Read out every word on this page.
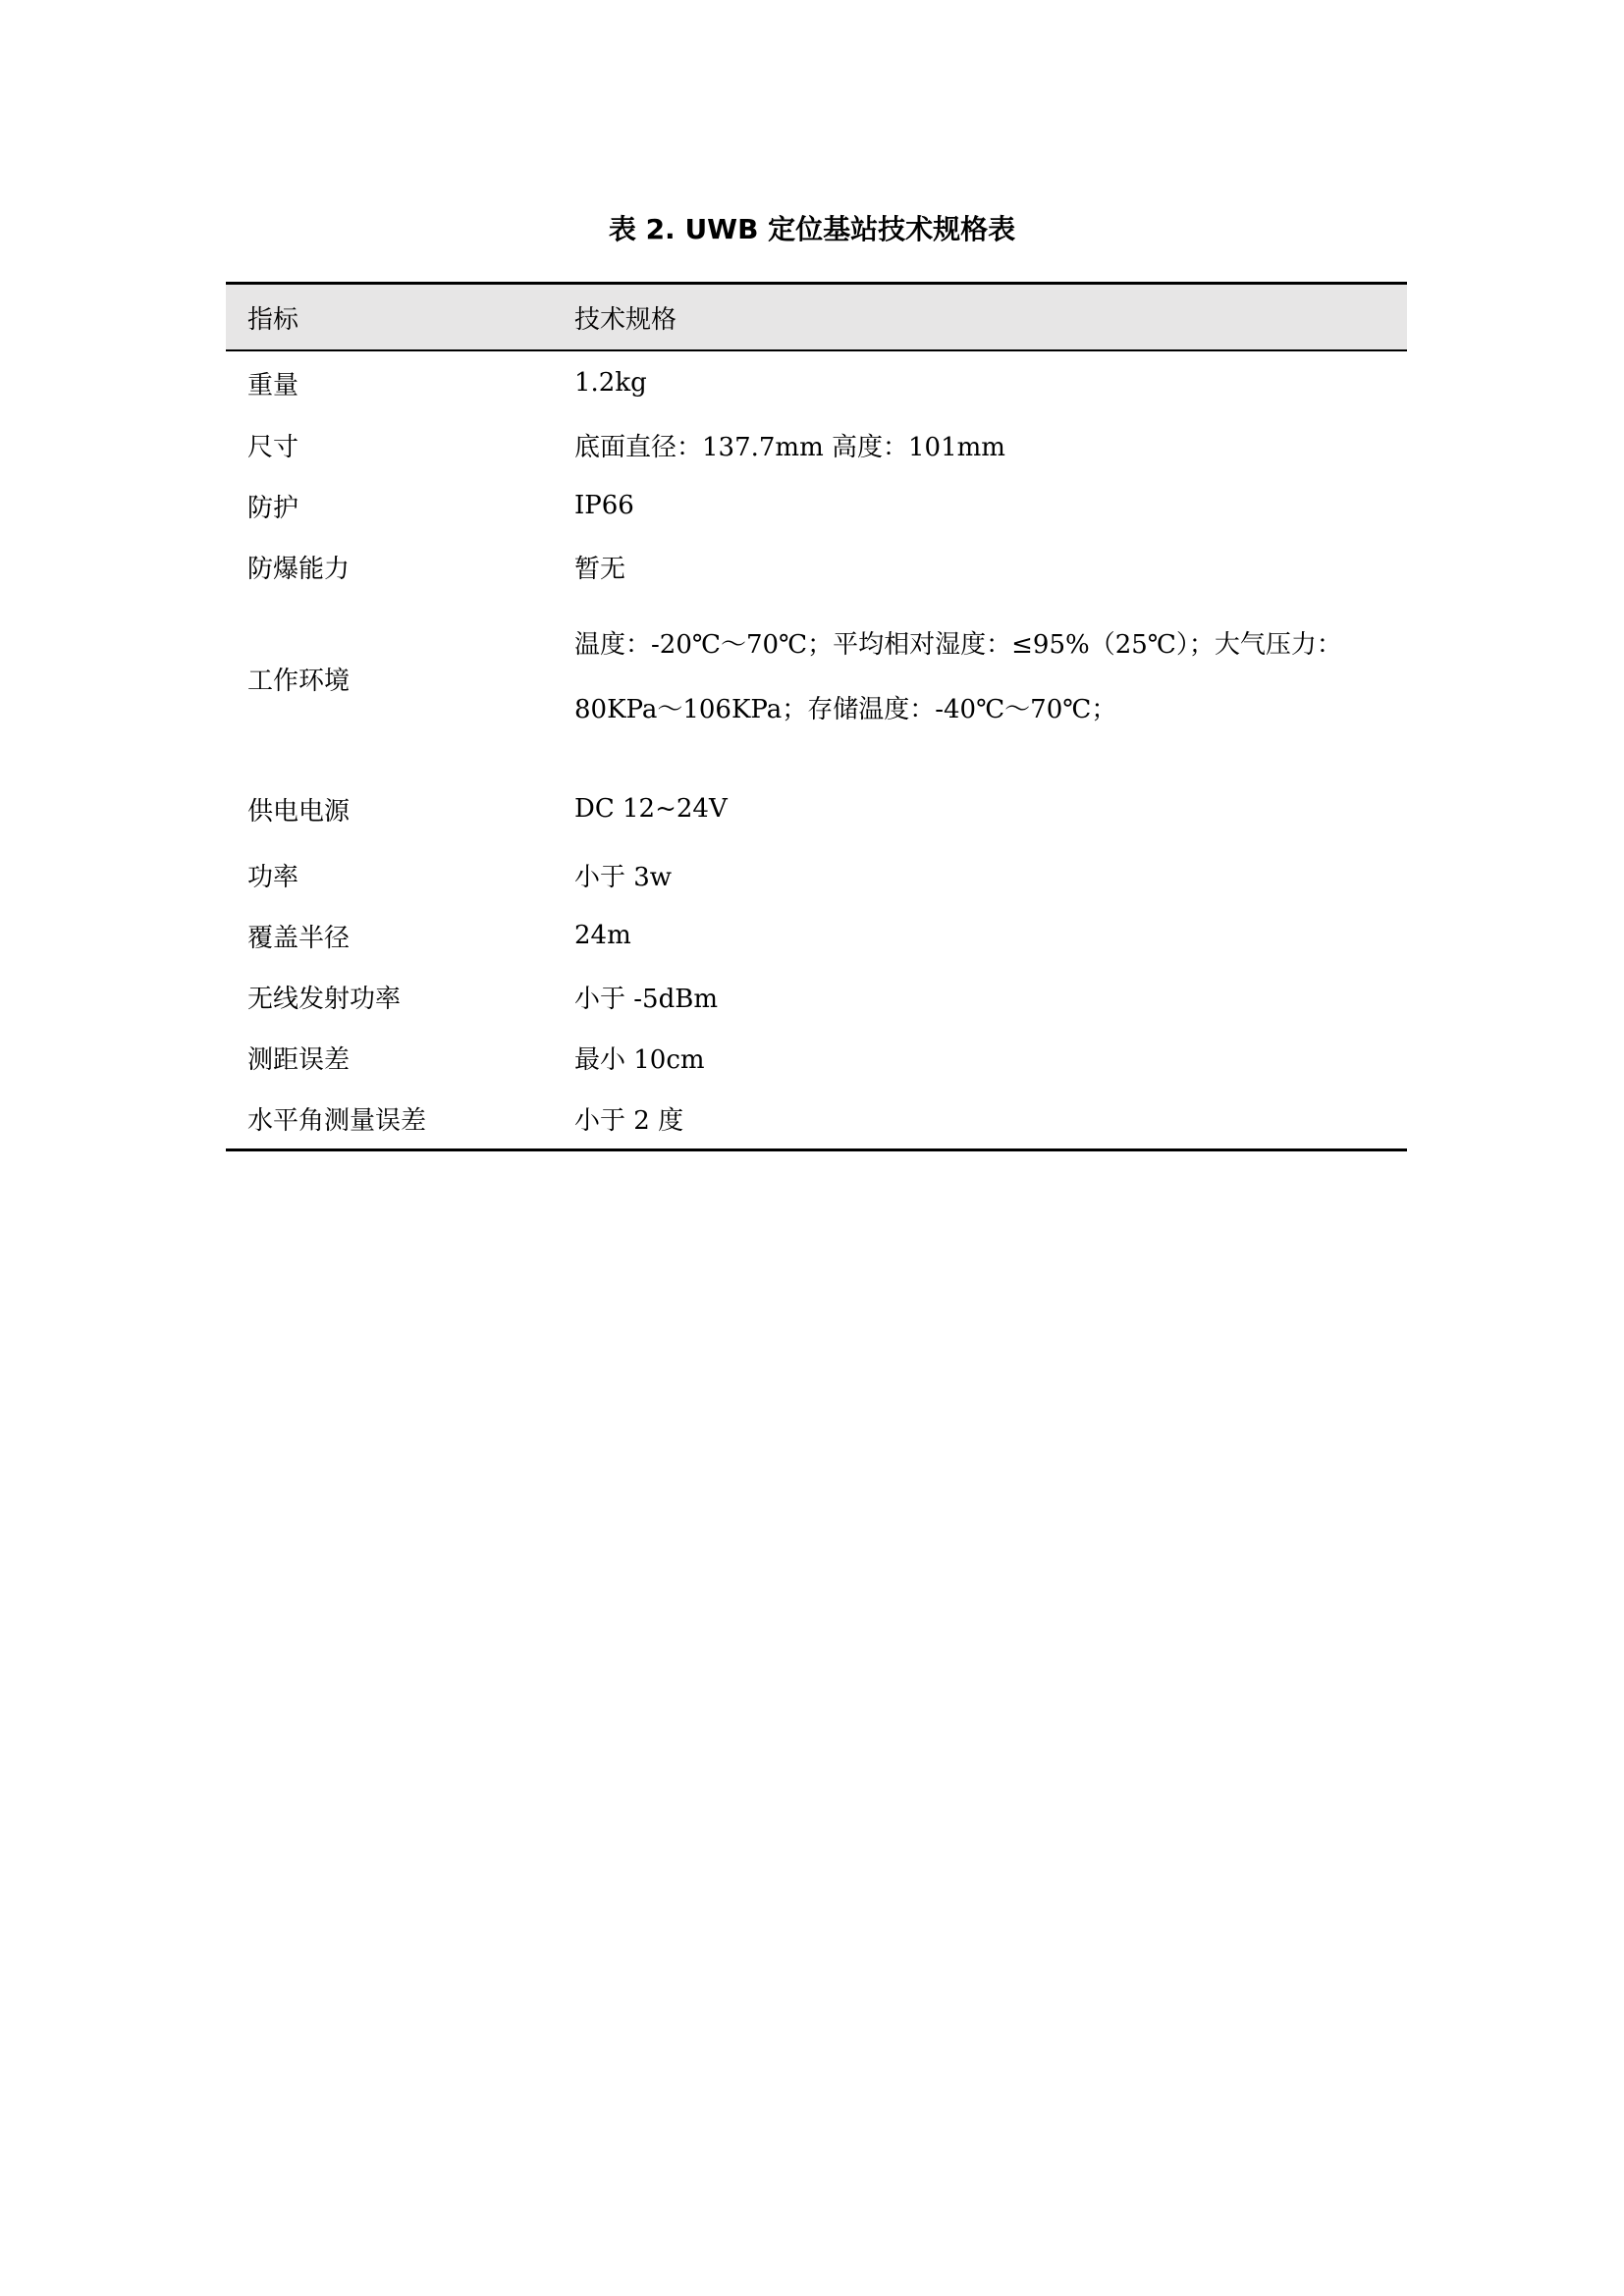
表 2. UWB 定位基站技术规格表
指标	技术规格
重量	1.2kg
尺寸	底面直径：137.7mm 高度：101mm
防护	IP66
防爆能力	暂无
工作环境	温度：-20℃～70℃；平均相对湿度：≤95%（25℃）；大气压力：80KPa～106KPa；存储温度：-40℃～70℃；
供电电源	DC 12~24V
功率	小于 3w
覆盖半径	24m
无线发射功率	小于 -5dBm
测距误差	最小 10cm
水平角测量误差	小于 2 度
